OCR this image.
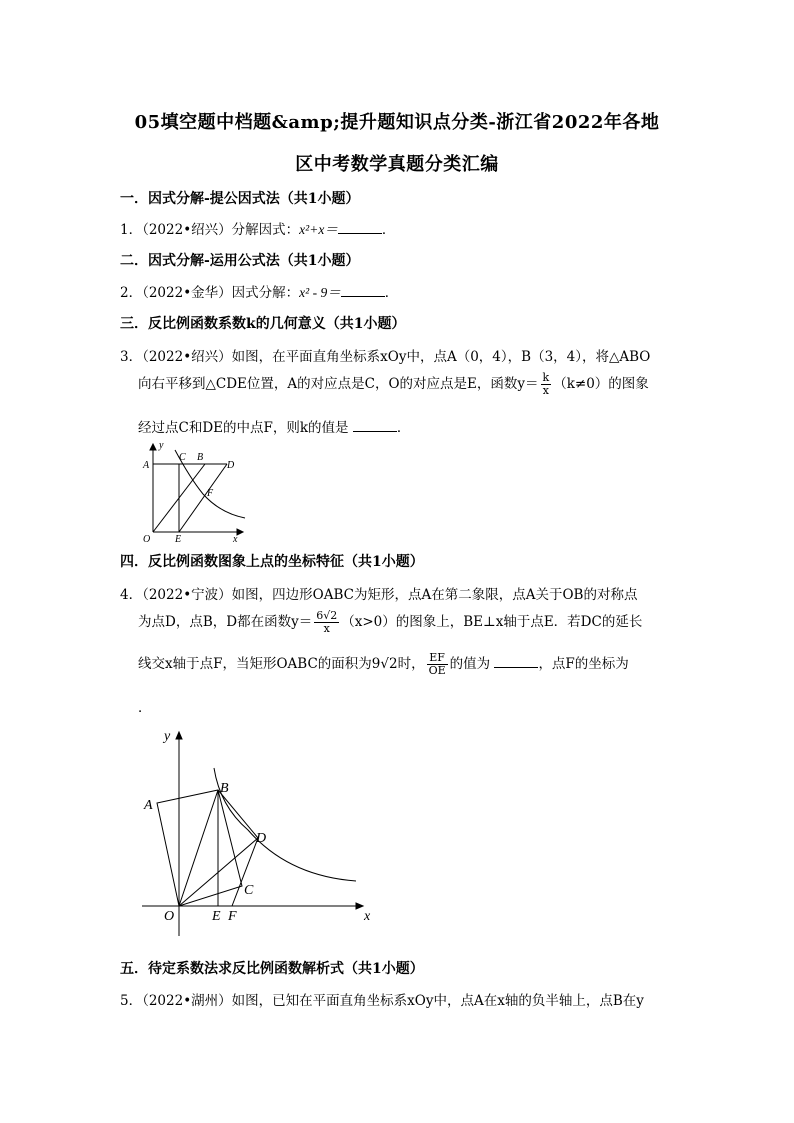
05填空题中档题&amp;提升题知识点分类-浙江省2022年各地
区中考数学真题分类汇编
一．因式分解-提公因式法（共1小题）
1．（2022•绍兴）分解因式：x²+x＝	．
二．因式分解-运用公式法（共1小题）
2．（2022•金华）因式分解：x² - 9＝	．
三．反比例函数系数k的几何意义（共1小题）
3．（2022•绍兴）如图，在平面直角坐标系xOy中，点A（0，4），B（3，4），将△ABO
向右平移到△CDE位置，A的对应点是C，O的对应点是E，函数$y= \frac{k}{x} (k\ne 0)$的图象
经过点C和DE的中点F，则k的值是	．
y
A
C B
D
F
O E	x
四．反比例函数图象上点的坐标特征（共1小题）
4．（2022•宁波）如图，四边形OABC为矩形，点A在第二象限，点A关于OB的对称点
为点D，点B，D都在函数$y= \frac{6√2}{x} (x>0)$的图象上，BE⊥x轴于点E．若DC的延长
线交x轴于点F，当矩形OABC的面积为9√2时， $\frac{EF}{OE}$ 的值为	，点F的坐标为
．
y
A
B
D
C
O	E F	x
五．待定系数法求反比例函数解析式（共1小题）
5．（2022•湖州）如图，已知在平面直角坐标系xOy中，点A在x轴的负半轴上，点B在y
